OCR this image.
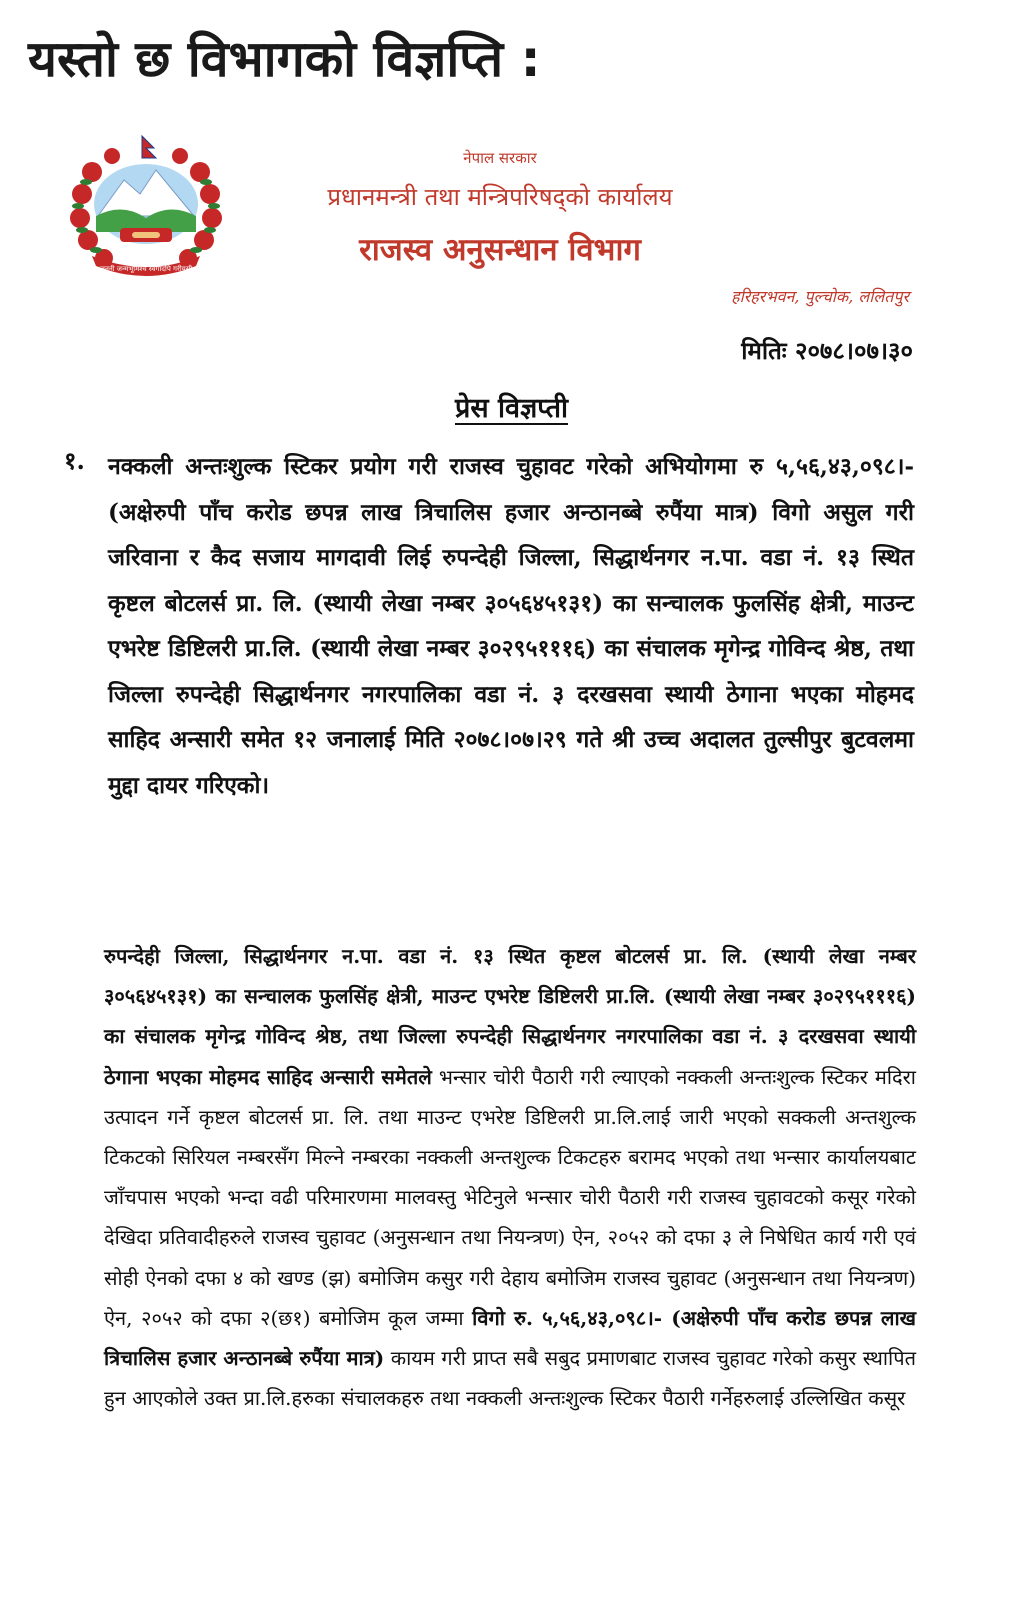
यस्तो छ विभागको विज्ञप्ति :
जननी जन्मभूमिश्च स्वर्गादपि गरीयसी
नेपाल सरकार
प्रधानमन्त्री तथा मन्त्रिपरिषद्को कार्यालय
राजस्व अनुसन्धान विभाग
हरिहरभवन, पुल्चोक, ललितपुर
मितिः २०७८।०७।३०
प्रेस विज्ञप्ती
१. नक्कली अन्तःशुल्क स्टिकर प्रयोग गरी राजस्व चुहावट गरेको अभियोगमा रु ५,५६,४३,०९८।- (अक्षेरुपी पाँच करोड छपन्न लाख त्रिचालिस हजार अन्ठानब्बे रुपैंया मात्र) विगो असुल गरी जरिवाना र कैद सजाय मागदावी लिई रुपन्देही जिल्ला, सिद्धार्थनगर न.पा. वडा नं. १३ स्थित कृष्टल बोटलर्स प्रा. लि. (स्थायी लेखा नम्बर ३०५६४५१३१) का सन्चालक फुलसिंह क्षेत्री, माउन्ट एभरेष्ट डिष्टिलरी प्रा.लि. (स्थायी लेखा नम्बर ३०२९५१११६) का संचालक मृगेन्द्र गोविन्द श्रेष्ठ, तथा जिल्ला रुपन्देही सिद्धार्थनगर नगरपालिका वडा नं. ३ दरखसवा स्थायी ठेगाना भएका मोहमद साहिद अन्सारी समेत १२ जनालाई मिति २०७८।०७।२९ गते श्री उच्च अदालत तुल्सीपुर बुटवलमा मुद्दा दायर गरिएको।
रुपन्देही जिल्ला, सिद्धार्थनगर न.पा. वडा नं. १३ स्थित कृष्टल बोटलर्स प्रा. लि. (स्थायी लेखा नम्बर ३०५६४५१३१) का सन्चालक फुलसिंह क्षेत्री, माउन्ट एभरेष्ट डिष्टिलरी प्रा.लि. (स्थायी लेखा नम्बर ३०२९५१११६) का संचालक मृगेन्द्र गोविन्द श्रेष्ठ, तथा जिल्ला रुपन्देही सिद्धार्थनगर नगरपालिका वडा नं. ३ दरखसवा स्थायी ठेगाना भएका मोहमद साहिद अन्सारी समेतले भन्सार चोरी पैठारी गरी ल्याएको नक्कली अन्तःशुल्क स्टिकर मदिरा उत्पादन गर्ने कृष्टल बोटलर्स प्रा. लि. तथा माउन्ट एभरेष्ट डिष्टिलरी प्रा.लि.लाई जारी भएको सक्कली अन्तशुल्क टिकटको सिरियल नम्बरसँग मिल्ने नम्बरका नक्कली अन्तशुल्क टिकटहरु बरामद भएको तथा भन्सार कार्यालयबाट जाँचपास भएको भन्दा वढी परिमारणमा मालवस्तु भेटिनुले भन्सार चोरी पैठारी गरी राजस्व चुहावटको कसूर गरेको देखिदा प्रतिवादीहरुले राजस्व चुहावट (अनुसन्धान तथा नियन्त्रण) ऐन, २०५२ को दफा ३ ले निषेधित कार्य गरी एवं सोही ऐनको दफा ४ को खण्ड (झ) बमोजिम कसुर गरी देहाय बमोजिम राजस्व चुहावट (अनुसन्धान तथा नियन्त्रण) ऐन, २०५२ को दफा २(छ१) बमोजिम कूल जम्मा विगो रु. ५,५६,४३,०९८।- (अक्षेरुपी पाँच करोड छपन्न लाख त्रिचालिस हजार अन्ठानब्बे रुपैंया मात्र) कायम गरी प्राप्त सबै सबुद प्रमाणबाट राजस्व चुहावट गरेको कसुर स्थापित हुन आएकोले उक्त प्रा.लि.हरुका संचालकहरु तथा नक्कली अन्तःशुल्क स्टिकर पैठारी गर्नेहरुलाई उल्लिखित कसूर
